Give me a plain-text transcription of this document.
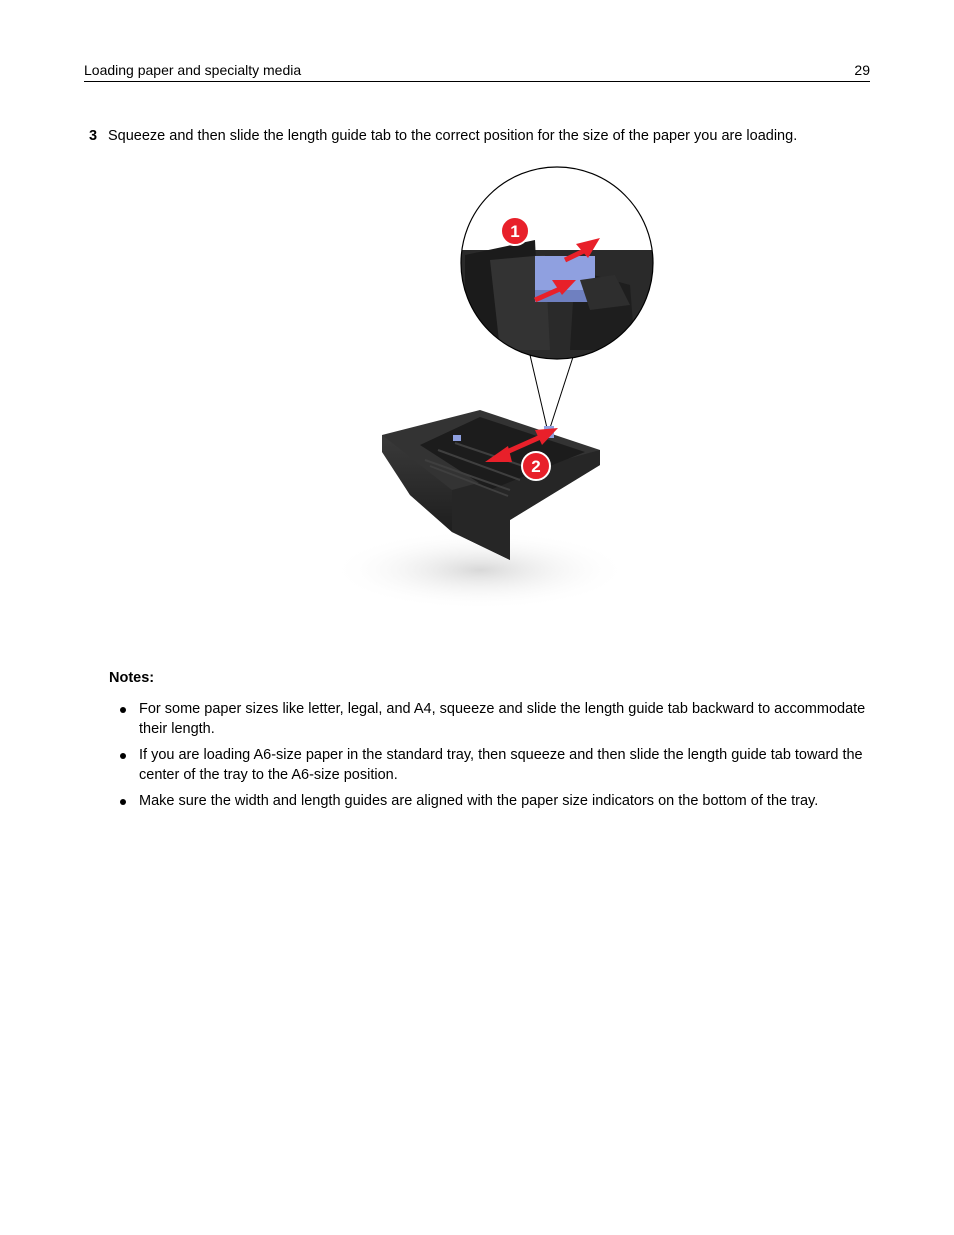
Loading paper and specialty media	29
3 Squeeze and then slide the length guide tab to the correct position for the size of the paper you are loading.
2
1
Notes:
For some paper sizes like letter, legal, and A4, squeeze and slide the length guide tab backward to accommodate their length.
If you are loading A6-size paper in the standard tray, then squeeze and then slide the length guide tab toward the center of the tray to the A6-size position.
Make sure the width and length guides are aligned with the paper size indicators on the bottom of the tray.
